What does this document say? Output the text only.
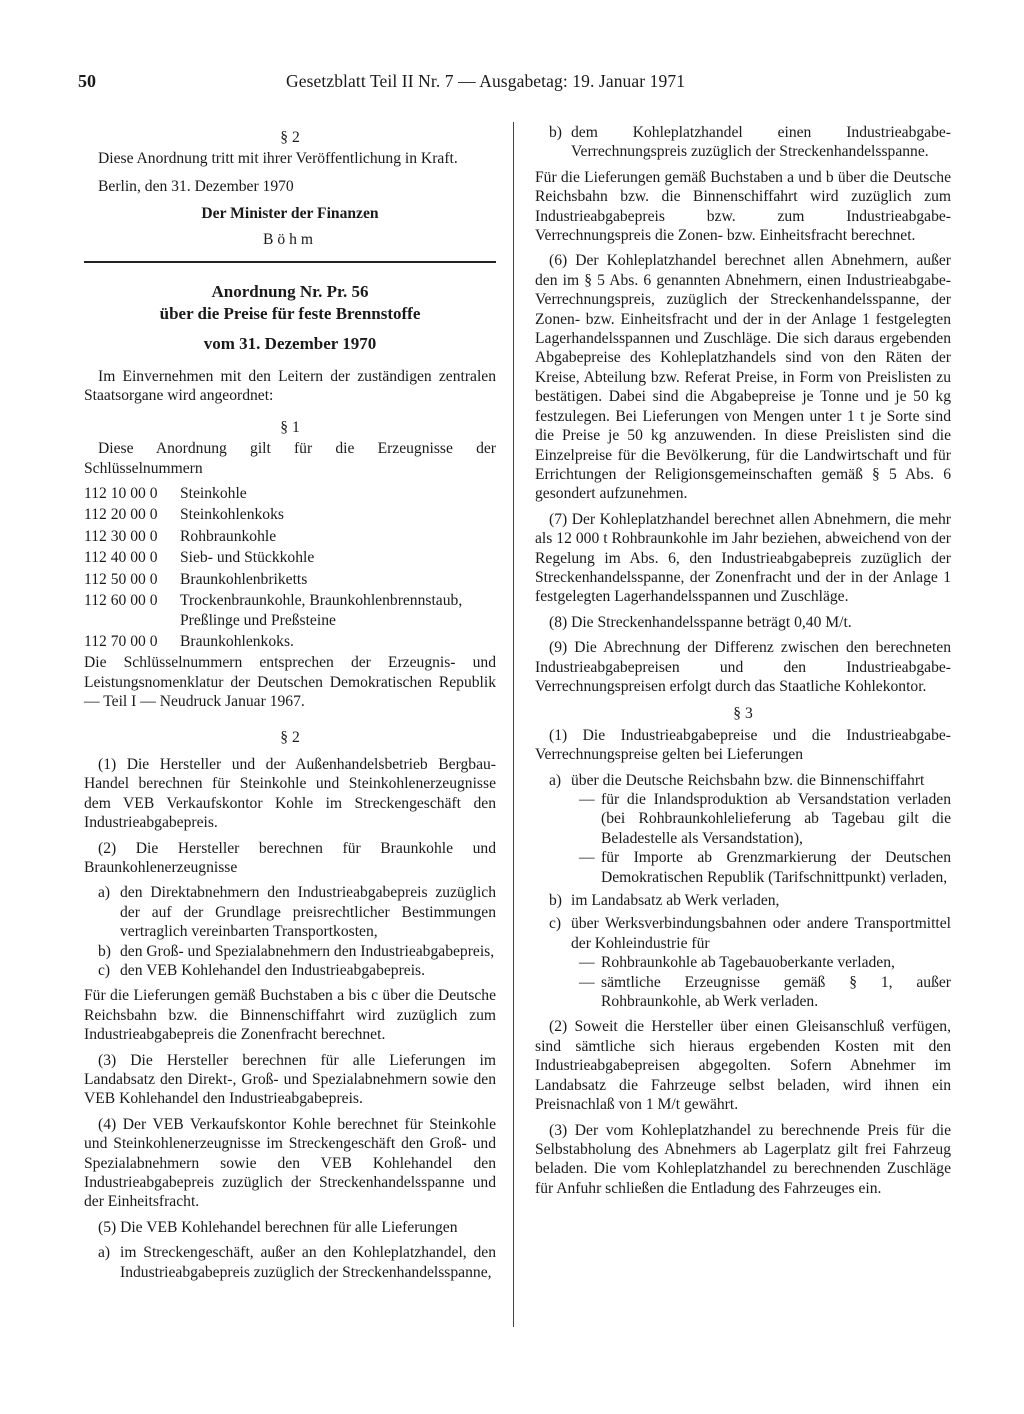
50	Gesetzblatt Teil II Nr. 7 — Ausgabetag: 19. Januar 1971

§ 2

Diese Anordnung tritt mit ihrer Veröffentlichung in Kraft.

Berlin, den 31. Dezember 1970

Der Minister der Finanzen

Böhm

Anordnung Nr. Pr. 56
über die Preise für feste Brennstoffe
vom 31. Dezember 1970

Im Einvernehmen mit den Leitern der zuständigen zentralen Staatsorgane wird angeordnet:

§ 1

Diese Anordnung gilt für die Erzeugnisse der Schlüsselnummern

112 10 00 0	Steinkohle
112 20 00 0	Steinkohlenkoks
112 30 00 0	Rohbraunkohle
112 40 00 0	Sieb- und Stückkohle
112 50 00 0	Braunkohlenbriketts
112 60 00 0	Trockenbraunkohle, Braunkohlenbrennstaub, Preßlinge und Preßsteine
112 70 00 0	Braunkohlenkoks.

Die Schlüsselnummern entsprechen der Erzeugnis- und Leistungsnomenklatur der Deutschen Demokratischen Republik — Teil I — Neudruck Januar 1967.

§ 2

(1) Die Hersteller und der Außenhandelsbetrieb Bergbau-Handel berechnen für Steinkohle und Steinkohlenerzeugnisse dem VEB Verkaufskontor Kohle im Streckengeschäft den Industrieabgabepreis.

(2) Die Hersteller berechnen für Braunkohle und Braunkohlenerzeugnisse

a) den Direktabnehmern den Industrieabgabepreis zuzüglich der auf der Grundlage preisrechtlicher Bestimmungen vertraglich vereinbarten Transportkosten,
b) den Groß- und Spezialabnehmern den Industrieabgabepreis,
c) den VEB Kohlehandel den Industrieabgabepreis.

Für die Lieferungen gemäß Buchstaben a bis c über die Deutsche Reichsbahn bzw. die Binnenschiffahrt wird zuzüglich zum Industrieabgabepreis die Zonenfracht berechnet.

(3) Die Hersteller berechnen für alle Lieferungen im Landabsatz den Direkt-, Groß- und Spezialabnehmern sowie den VEB Kohlehandel den Industrieabgabepreis.

(4) Der VEB Verkaufskontor Kohle berechnet für Steinkohle und Steinkohlenerzeugnisse im Streckengeschäft den Groß- und Spezialabnehmern sowie den VEB Kohlehandel den Industrieabgabepreis zuzüglich der Streckenhandelsspanne und der Einheitsfracht.

(5) Die VEB Kohlehandel berechnen für alle Lieferungen

a) im Streckengeschäft, außer an den Kohleplatzhandel, den Industrieabgabepreis zuzüglich der Streckenhandelsspanne,
b) dem Kohleplatzhandel einen Industrieabgabe-Verrechnungspreis zuzüglich der Streckenhandelsspanne.

Für die Lieferungen gemäß Buchstaben a und b über die Deutsche Reichsbahn bzw. die Binnenschiffahrt wird zuzüglich zum Industrieabgabepreis bzw. zum Industrieabgabe-Verrechnungspreis die Zonen- bzw. Einheitsfracht berechnet.

(6) Der Kohleplatzhandel berechnet allen Abnehmern, außer den im § 5 Abs. 6 genannten Abnehmern, einen Industrieabgabe-Verrechnungspreis, zuzüglich der Streckenhandelsspanne, der Zonen- bzw. Einheitsfracht und der in der Anlage 1 festgelegten Lagerhandelsspannen und Zuschläge. Die sich daraus ergebenden Abgabepreise des Kohleplatzhandels sind von den Räten der Kreise, Abteilung bzw. Referat Preise, in Form von Preislisten zu bestätigen. Dabei sind die Abgabepreise je Tonne und je 50 kg festzulegen. Bei Lieferungen von Mengen unter 1 t je Sorte sind die Preise je 50 kg anzuwenden. In diese Preislisten sind die Einzelpreise für die Bevölkerung, für die Landwirtschaft und für Errichtungen der Religionsgemeinschaften gemäß § 5 Abs. 6 gesondert aufzunehmen.

(7) Der Kohleplatzhandel berechnet allen Abnehmern, die mehr als 12 000 t Rohbraunkohle im Jahr beziehen, abweichend von der Regelung im Abs. 6, den Industrieabgabepreis zuzüglich der Streckenhandelsspanne, der Zonenfracht und der in der Anlage 1 festgelegten Lagerhandelsspannen und Zuschläge.

(8) Die Streckenhandelsspanne beträgt 0,40 M/t.

(9) Die Abrechnung der Differenz zwischen den berechneten Industrieabgabepreisen und den Industrieabgabe-Verrechnungspreisen erfolgt durch das Staatliche Kohlekontor.

§ 3

(1) Die Industrieabgabepreise und die Industrieabgabe-Verrechnungspreise gelten bei Lieferungen

a) über die Deutsche Reichsbahn bzw. die Binnenschiffahrt
— für die Inlandsproduktion ab Versandstation verladen (bei Rohbraunkohlelieferung ab Tagebau gilt die Beladestelle als Versandstation),
— für Importe ab Grenzmarkierung der Deutschen Demokratischen Republik (Tarifschnittpunkt) verladen,
b) im Landabsatz ab Werk verladen,
c) über Werksverbindungsbahnen oder andere Transportmittel der Kohleindustrie für
— Rohbraunkohle ab Tagebauoberkante verladen,
— sämtliche Erzeugnisse gemäß § 1, außer Rohbraunkohle, ab Werk verladen.

(2) Soweit die Hersteller über einen Gleisanschluß verfügen, sind sämtliche sich hieraus ergebenden Kosten mit den Industrieabgabepreisen abgegolten. Sofern Abnehmer im Landabsatz die Fahrzeuge selbst beladen, wird ihnen ein Preisnachlaß von 1 M/t gewährt.

(3) Der vom Kohleplatzhandel zu berechnende Preis für die Selbstabholung des Abnehmers ab Lagerplatz gilt frei Fahrzeug beladen. Die vom Kohleplatzhandel zu berechnenden Zuschläge für Anfuhr schließen die Entladung des Fahrzeuges ein.
